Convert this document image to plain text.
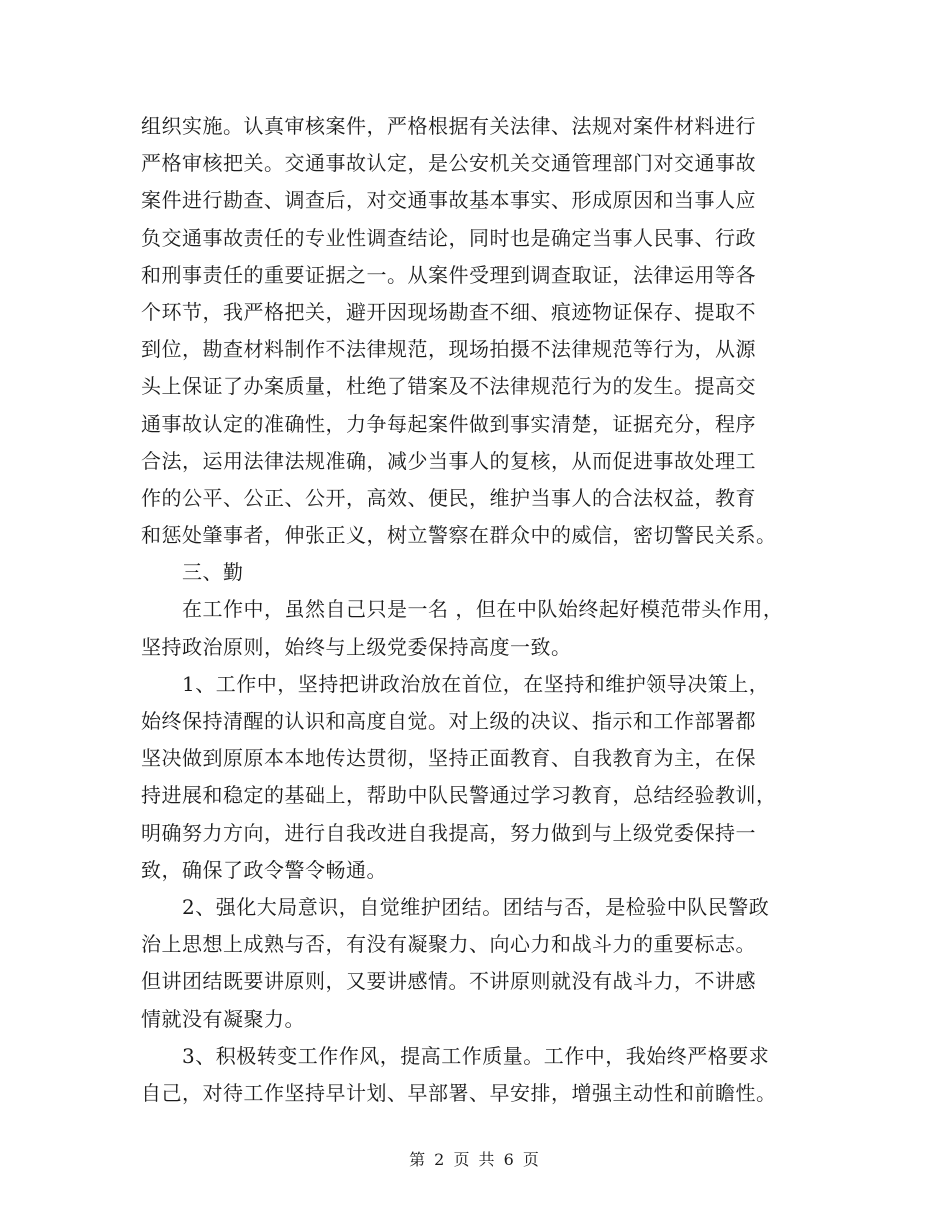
组织实施。认真审核案件，严格根据有关法律、法规对案件材料进行
严格审核把关。交通事故认定，是公安机关交通管理部门对交通事故
案件进行勘查、调查后，对交通事故基本事实、形成原因和当事人应
负交通事故责任的专业性调查结论，同时也是确定当事人民事、行政
和刑事责任的重要证据之一。从案件受理到调查取证，法律运用等各
个环节，我严格把关，避开因现场勘查不细、痕迹物证保存、提取不
到位，勘查材料制作不法律规范，现场拍摄不法律规范等行为，从源
头上保证了办案质量，杜绝了错案及不法律规范行为的发生。提高交
通事故认定的准确性，力争每起案件做到事实清楚，证据充分，程序
合法，运用法律法规准确，减少当事人的复核，从而促进事故处理工
作的公平、公正、公开，高效、便民，维护当事人的合法权益，教育
和惩处肇事者，伸张正义，树立警察在群众中的威信，密切警民关系。
　　三、勤
　　在工作中，虽然自己只是一名 ，但在中队始终起好模范带头作用，
坚持政治原则，始终与上级党委保持高度一致。
　　1、工作中，坚持把讲政治放在首位，在坚持和维护领导决策上，
始终保持清醒的认识和高度自觉。对上级的决议、指示和工作部署都
坚决做到原原本本地传达贯彻，坚持正面教育、自我教育为主，在保
持进展和稳定的基础上，帮助中队民警通过学习教育，总结经验教训，
明确努力方向，进行自我改进自我提高，努力做到与上级党委保持一
致，确保了政令警令畅通。
　　2、强化大局意识，自觉维护团结。团结与否，是检验中队民警政
治上思想上成熟与否，有没有凝聚力、向心力和战斗力的重要标志。
但讲团结既要讲原则，又要讲感情。不讲原则就没有战斗力，不讲感
情就没有凝聚力。
　　3、积极转变工作作风，提高工作质量。工作中，我始终严格要求
自己，对待工作坚持早计划、早部署、早安排，增强主动性和前瞻性。
第 2 页 共 6 页
